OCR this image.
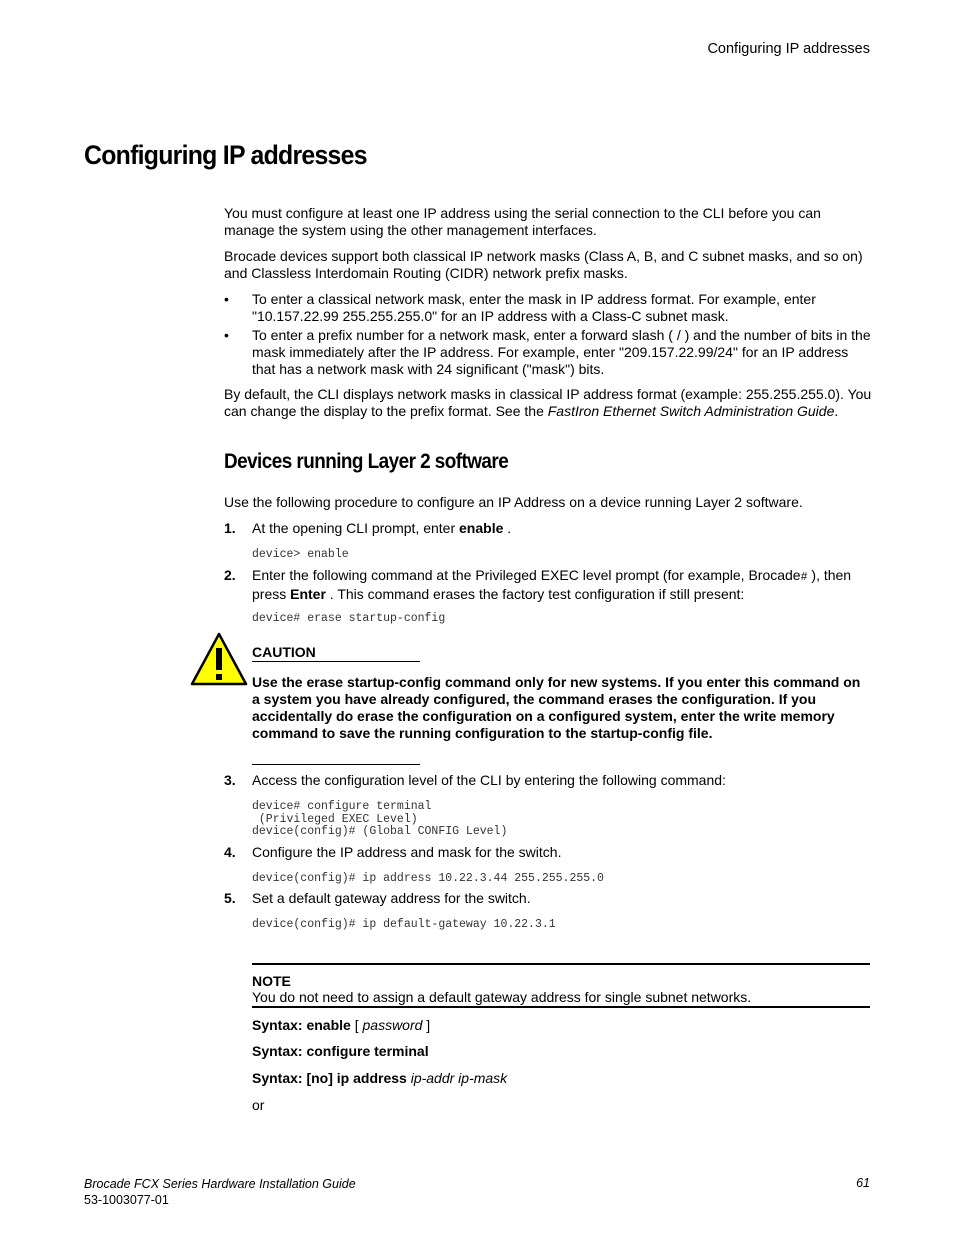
Configuring IP addresses
Configuring IP addresses
You must configure at least one IP address using the serial connection to the CLI before you can manage the system using the other management interfaces.
Brocade devices support both classical IP network masks (Class A, B, and C subnet masks, and so on) and Classless Interdomain Routing (CIDR) network prefix masks.
• To enter a classical network mask, enter the mask in IP address format. For example, enter "10.157.22.99 255.255.255.0" for an IP address with a Class-C subnet mask.
• To enter a prefix number for a network mask, enter a forward slash ( / ) and the number of bits in the mask immediately after the IP address. For example, enter "209.157.22.99/24" for an IP address that has a network mask with 24 significant ("mask") bits.
By default, the CLI displays network masks in classical IP address format (example: 255.255.255.0). You can change the display to the prefix format. See the FastIron Ethernet Switch Administration Guide.
Devices running Layer 2 software
Use the following procedure to configure an IP Address on a device running Layer 2 software.
1. At the opening CLI prompt, enter enable .
device> enable
2. Enter the following command at the Privileged EXEC level prompt (for example, Brocade# ), then press Enter . This command erases the factory test configuration if still present:
device# erase startup-config
CAUTION
Use the erase startup-config command only for new systems. If you enter this command on a system you have already configured, the command erases the configuration. If you accidentally do erase the configuration on a configured system, enter the write memory command to save the running configuration to the startup-config file.
3. Access the configuration level of the CLI by entering the following command:
device# configure terminal
(Privileged EXEC Level)
device(config)# (Global CONFIG Level)
4. Configure the IP address and mask for the switch.
device(config)# ip address 10.22.3.44 255.255.255.0
5. Set a default gateway address for the switch.
device(config)# ip default-gateway 10.22.3.1
NOTE
You do not need to assign a default gateway address for single subnet networks.
Syntax: enable [ password ]
Syntax: configure terminal
Syntax: [no] ip address ip-addr ip-mask
or
Brocade FCX Series Hardware Installation Guide
53-1003077-01
61
